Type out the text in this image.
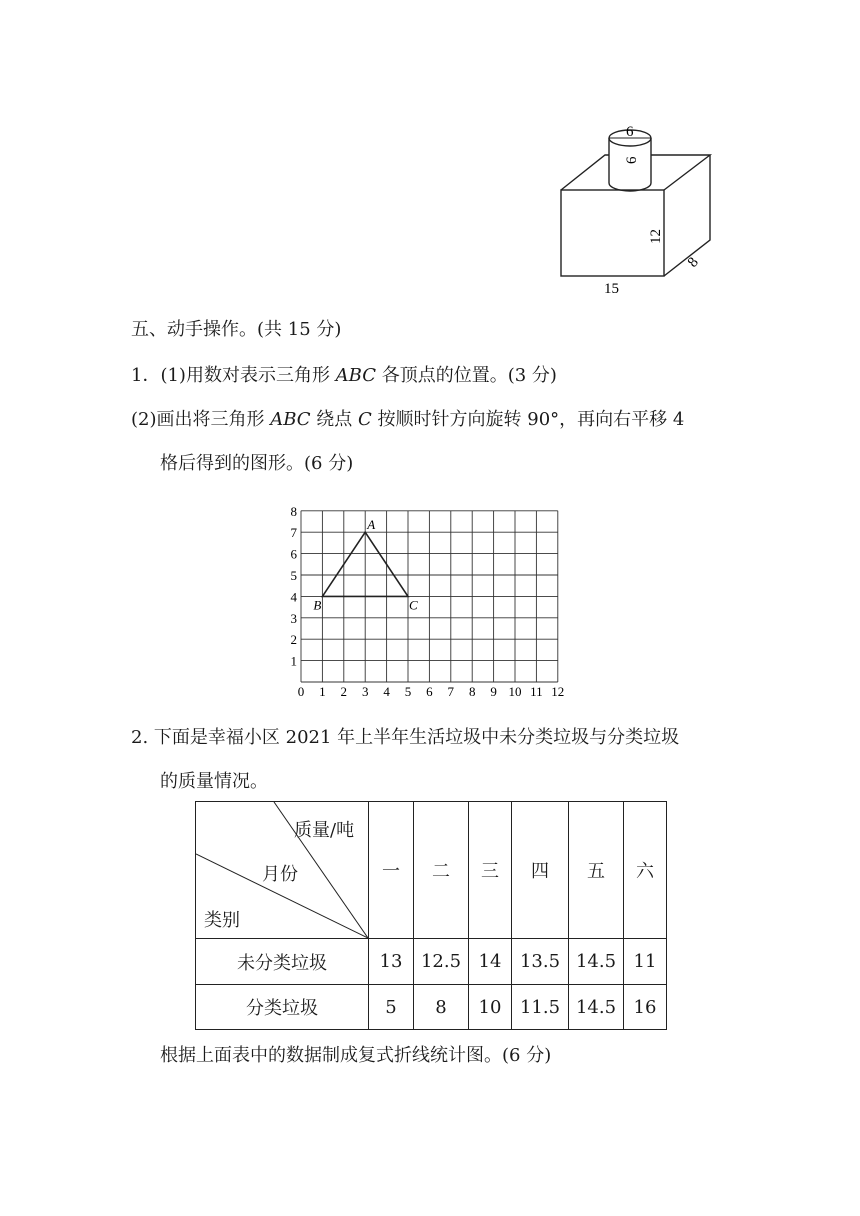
6
6
12
8
15
五、动手操作。(共 15 分)
1．(1)用数对表示三角形 ABC 各顶点的位置。(3 分)
(2)画出将三角形 ABC 绕点 C 按顺时针方向旋转 90°，再向右平移 4
格后得到的图形。(6 分)
0 1 2 3 4 5 6 7 8 9 10 11 12
1
2
3
4
5
6
7
8
A
B	C
2. 下面是幸福小区 2021 年上半年生活垃圾中未分类垃圾与分类垃圾
的质量情况。
质量/吨
月份
类别	一	二	三	四	五	六
未分类垃圾	13	12.5	14	13.5	14.5	11
分类垃圾	5	8	10	11.5	14.5	16
根据上面表中的数据制成复式折线统计图。(6 分)
